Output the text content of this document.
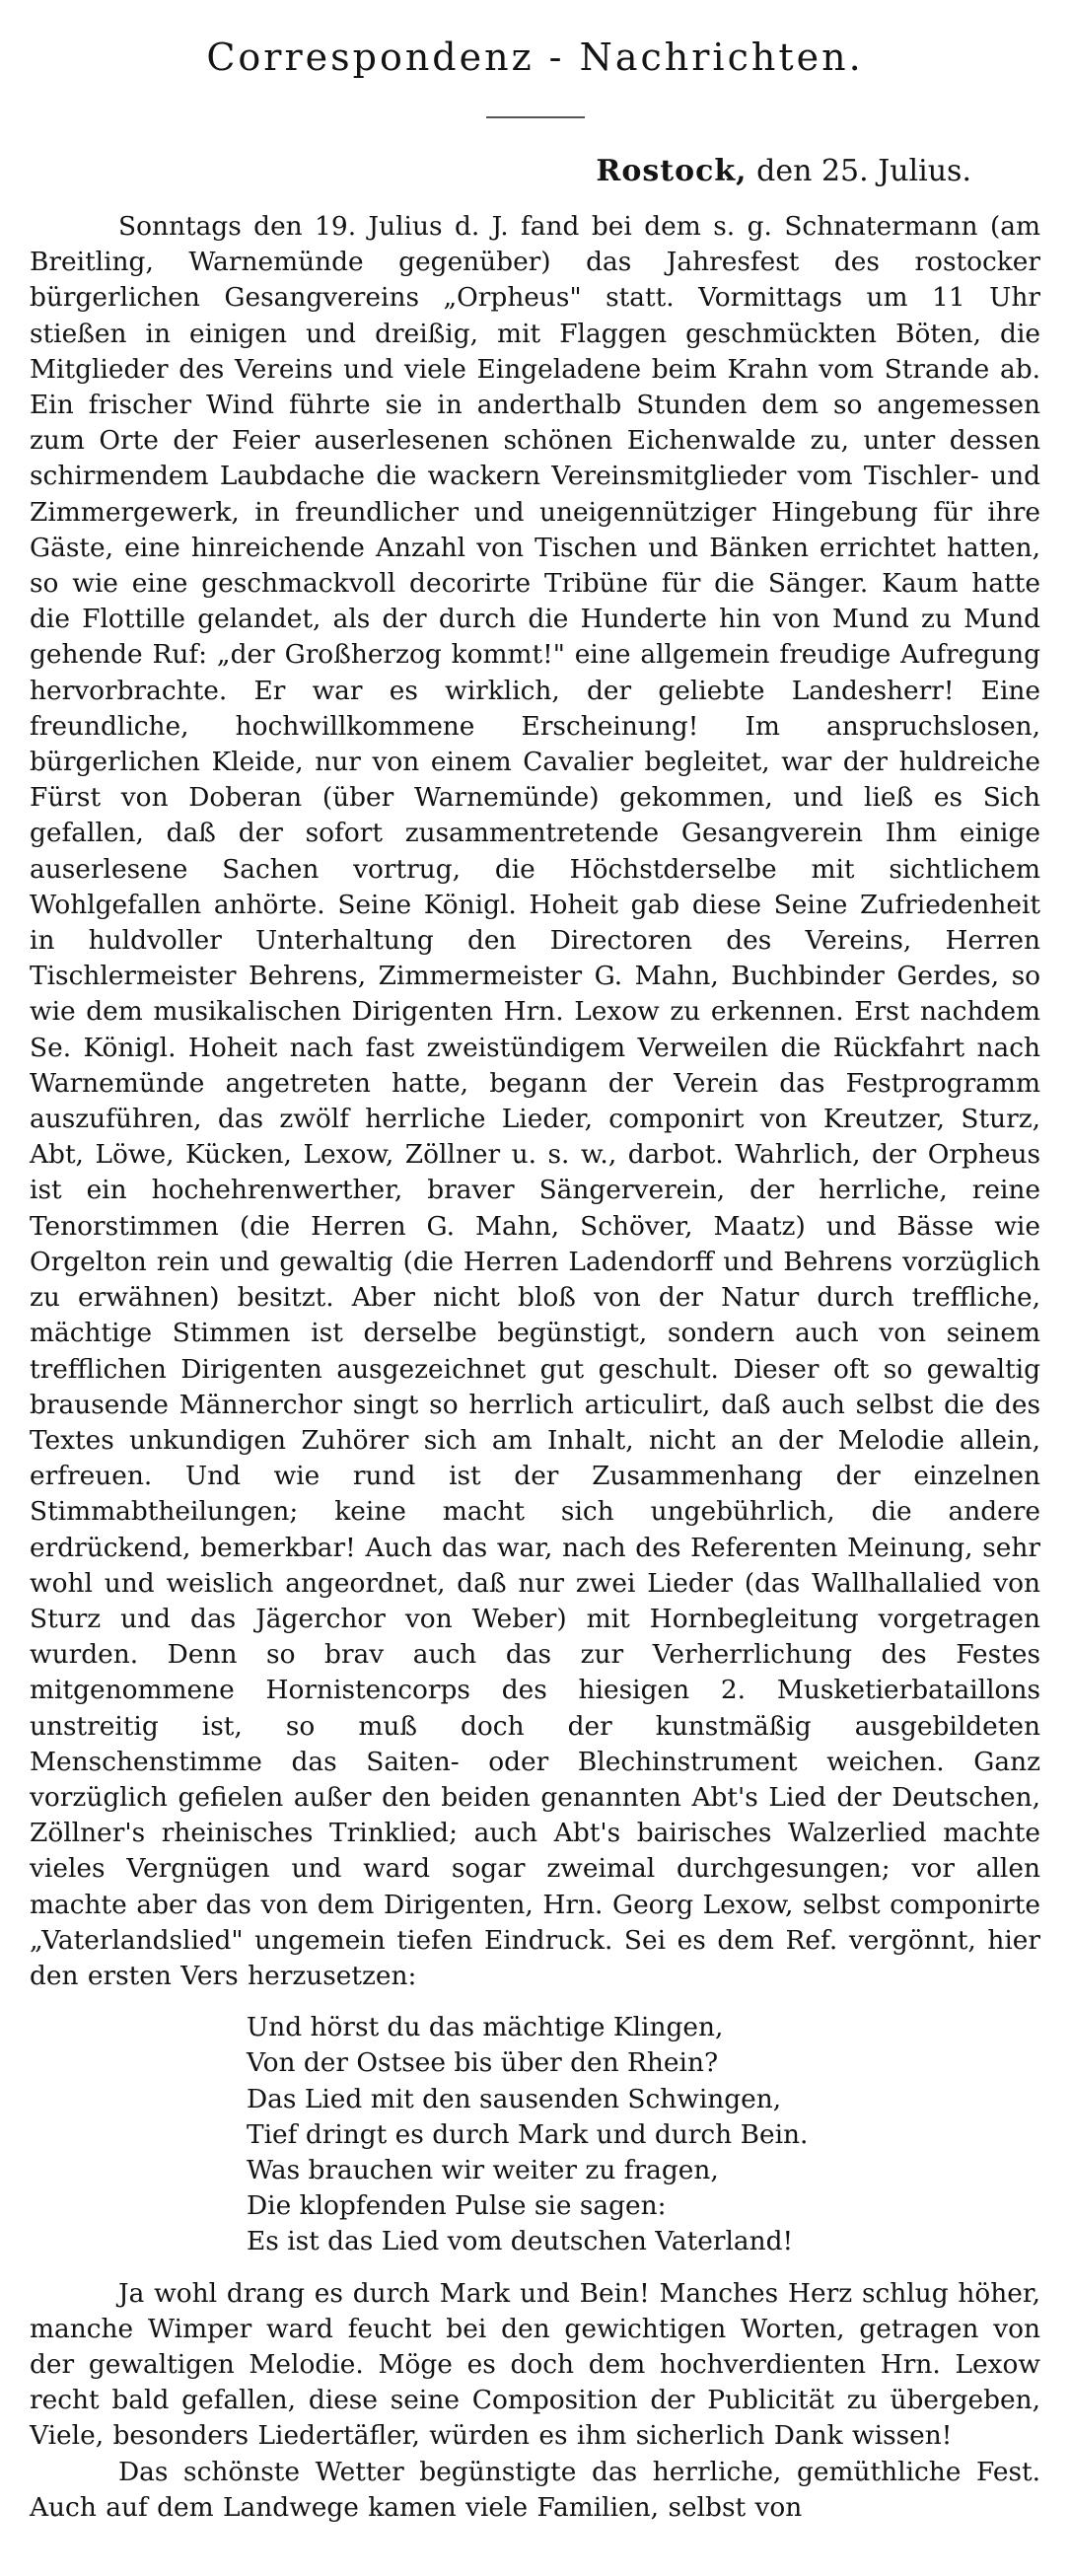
Correspondenz - Nachrichten.
Rostock, den 25. Julius.

Sonntags den 19. Julius d. J. fand bei dem s. g. Schnatermann (am Breitling, Warnemünde gegenüber) das Jahresfest des rostocker bürgerlichen Gesangvereins „Orpheus" statt. Vormittags um 11 Uhr stießen in einigen und dreißig, mit Flaggen geschmückten Böten, die Mitglieder des Vereins und viele Eingeladene beim Krahn vom Strande ab. Ein frischer Wind führte sie in anderthalb Stunden dem so angemessen zum Orte der Feier auserlesenen schönen Eichenwalde zu, unter dessen schirmendem Laubdache die wackern Vereinsmitglieder vom Tischler- und Zimmergewerk, in freundlicher und uneigennütziger Hingebung für ihre Gäste, eine hinreichende Anzahl von Tischen und Bänken errichtet hatten, so wie eine geschmackvoll decorirte Tribüne für die Sänger. Kaum hatte die Flottille gelandet, als der durch die Hunderte hin von Mund zu Mund gehende Ruf: „der Großherzog kommt!" eine allgemein freudige Aufregung hervorbrachte. Er war es wirklich, der geliebte Landesherr! Eine freundliche, hochwillkommene Erscheinung! Im anspruchslosen, bürgerlichen Kleide, nur von einem Cavalier begleitet, war der huldreiche Fürst von Doberan (über Warnemünde) gekommen, und ließ es Sich gefallen, daß der sofort zusammentretende Gesangverein Ihm einige auserlesene Sachen vortrug, die Höchstderselbe mit sichtlichem Wohlgefallen anhörte. Seine Königl. Hoheit gab diese Seine Zufriedenheit in huldvoller Unterhaltung den Directoren des Vereins, Herren Tischlermeister Behrens, Zimmermeister G. Mahn, Buchbinder Gerdes, so wie dem musikalischen Dirigenten Hrn. Lexow zu erkennen. Erst nachdem Se. Königl. Hoheit nach fast zweistündigem Verweilen die Rückfahrt nach Warnemünde angetreten hatte, begann der Verein das Festprogramm auszuführen, das zwölf herrliche Lieder, componirt von Kreutzer, Sturz, Abt, Löwe, Kücken, Lexow, Zöllner u. s. w., darbot. Wahrlich, der Orpheus ist ein hochehrenwerther, braver Sängerverein, der herrliche, reine Tenorstimmen (die Herren G. Mahn, Schöver, Maatz) und Bässe wie Orgelton rein und gewaltig (die Herren Ladendorff und Behrens vorzüglich zu erwähnen) besitzt. Aber nicht bloß von der Natur durch treffliche, mächtige Stimmen ist derselbe begünstigt, sondern auch von seinem trefflichen Dirigenten ausgezeichnet gut geschult. Dieser oft so gewaltig brausende Männerchor singt so herrlich articulirt, daß auch selbst die des Textes unkundigen Zuhörer sich am Inhalt, nicht an der Melodie allein, erfreuen. Und wie rund ist der Zusammenhang der einzelnen Stimmabtheilungen; keine macht sich ungebührlich, die andere erdrückend, bemerkbar! Auch das war, nach des Referenten Meinung, sehr wohl und weislich angeordnet, daß nur zwei Lieder (das Wallhallalied von Sturz und das Jägerchor von Weber) mit Hornbegleitung vorgetragen wurden. Denn so brav auch das zur Verherrlichung des Festes mitgenommene Hornistencorps des hiesigen 2. Musketierbataillons unstreitig ist, so muß doch der kunstmäßig ausgebildeten Menschenstimme das Saiten- oder Blechinstrument weichen. Ganz vorzüglich gefielen außer den beiden genannten Abt's Lied der Deutschen, Zöllner's rheinisches Trinklied; auch Abt's bairisches Walzerlied machte vieles Vergnügen und ward sogar zweimal durchgesungen; vor allen machte aber das von dem Dirigenten, Hrn. Georg Lexow, selbst componirte „Vaterlandslied" ungemein tiefen Eindruck. Sei es dem Ref. vergönnt, hier den ersten Vers herzusetzen:

Und hörst du das mächtige Klingen,
Von der Ostsee bis über den Rhein?
Das Lied mit den sausenden Schwingen,
Tief dringt es durch Mark und durch Bein.
Was brauchen wir weiter zu fragen,
Die klopfenden Pulse sie sagen:
Es ist das Lied vom deutschen Vaterland!

Ja wohl drang es durch Mark und Bein! Manches Herz schlug höher, manche Wimper ward feucht bei den gewichtigen Worten, getragen von der gewaltigen Melodie. Möge es doch dem hochverdienten Hrn. Lexow recht bald gefallen, diese seine Composition der Publicität zu übergeben, Viele, besonders Liedertäfler, würden es ihm sicherlich Dank wissen!

Das schönste Wetter begünstigte das herrliche, gemüthliche Fest. Auch auf dem Landwege kamen viele Familien, selbst von
